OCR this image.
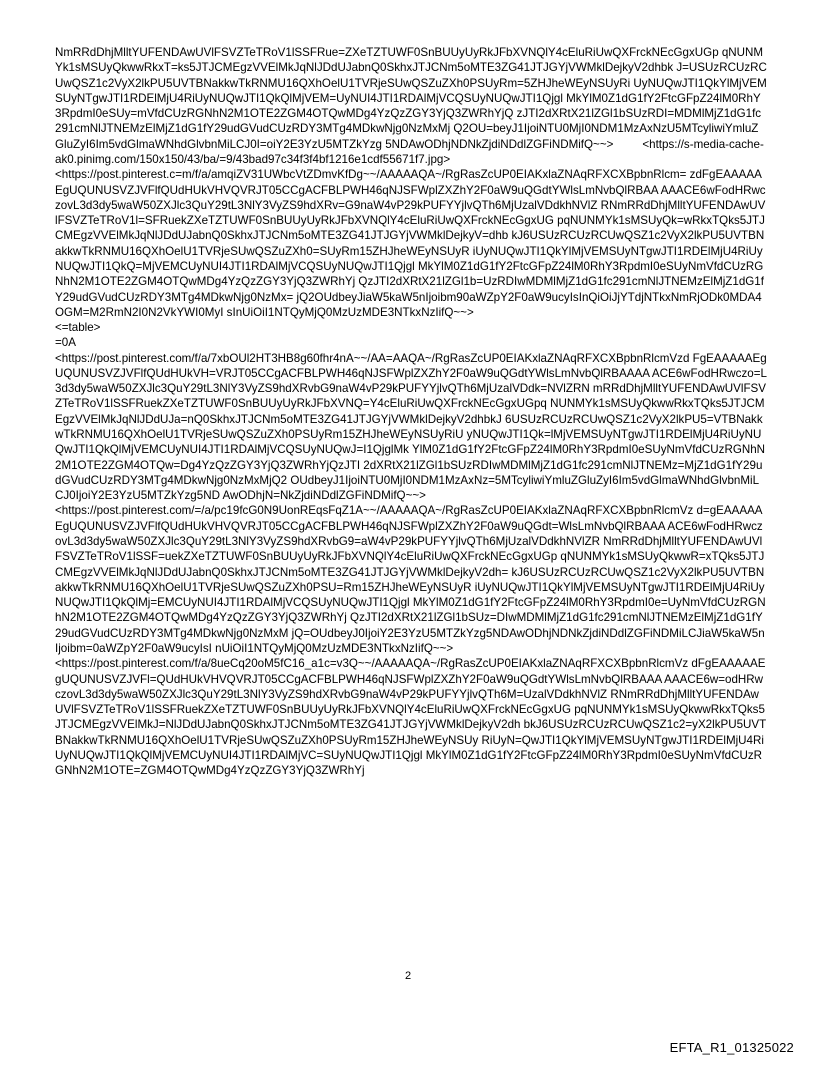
NmRRdDhjMlltYUFENDAwUVlFSVZTeTRoV1lSSFRue=ZXeTZTUWF0SnBUUyUyRkJFbXVNQlY4cEluRiUwQXFrckNEcGgxUGp qNUNMYk1sMSUyQkwwRkxT=ks5JTJCMEgzVVElMkJqNlJDdUJabnQ0SkhxJTJCNm5oMTE3ZG41JTJGYjVWMklDejkyV2dhbk J=USUzRCUzRCUwQSZ1c2VyX2lkPU5UVTBNakkwTkRNMU16QXhOelU1TVRjeSUwQSZuZXh0PSUyRm=5ZHJheWEyNSUyRi UyNUQwJTI1QkYlMjVEMSUyNTgwJTI1RDElMjU4RiUyNUQwJTI1QkQlMjVEM=UyNUI4JTI1RDAlMjVCQSUyNUQwJTI1Qjgl MkYlM0Z1dG1fY2FtcGFpZ24lM0RhY3RpdmI0eSUy=mVfdCUzRGNhN2M1OTE2ZGM4OTQwMDg4YzQzZGY3YjQ3ZWRhYjQ zJTI2dXRtX21lZGl1bSUzRDI=MDMlMjZ1dG1fc291cmNlJTNEMzElMjZ1dG1fY29udGVudCUzRDY3MTg4MDkwNjg0NzMxMj Q2OU=beyJ1IjoiNTU0MjI0NDM1MzAxNzU5MTcyliwiYmluZGluZyI6Im5vdGlmaWNhdGlvbnMiLCJ0I=oiY2E3YzU5MTZkYzg 5NDAwODhjNDNkZjdiNDdlZGFiNDMifQ~~>         <https://s-media-cache-ak0.pinimg.com/150x150/43/ba/=9/43bad97c34f3f4bf1216e1cdf55671f7.jpg>

<https://post.pinterest.c=m/f/a/amqiZV31UWbcVtZDmvKfDg~~/AAAAAQA~/RgRasZcUP0EIAKxlaZNAqRFXCXBpbnRlcm= zdFgEAAAAAEgUQUNUSVZJVFlfQUdHUkVHVQVRJT05CCgACFBLPWH46qNJSFWplZXZhY2F0aW9uQGdtYWlsLmNvbQlRBAA AAACE6wFodHRwczovL3d3dy5waW50ZXJlc3QuY29tL3NlY3VyZS9hdXRv=G9naW4vP29kPUFYYjlvQTh6MjUzalVDdkhNVlZ RNmRRdDhjMlltYUFENDAwUVlFSVZTeTRoV1l=SFRuekZXeTZTUWF0SnBUUyUyRkJFbXVNQlY4cEluRiUwQXFrckNEcGgxUG pqNUNMYk1sMSUyQk=wRkxTQks5JTJCMEgzVVElMkJqNlJDdUJabnQ0SkhxJTJCNm5oMTE3ZG41JTJGYjVWMklDejkyV=dhb kJ6USUzRCUzRCUwQSZ1c2VyX2lkPU5UVTBNakkwTkRNMU16QXhOelU1TVRjeSUwQSZuZXh0=SUyRm15ZHJheWEyNSUyR iUyNUQwJTI1QkYlMjVEMSUyNTgwJTI1RDElMjU4RiUyNUQwJTI1QkQ=MjVEMCUyNUI4JTI1RDAlMjVCQSUyNUQwJTI1Qjgl MkYlM0Z1dG1fY2FtcGFpZ24lM0RhY3RpdmI0eSUyNmVfdCUzRGNhN2M1OTE2ZGM4OTQwMDg4YzQzZGY3YjQ3ZWRhYj QzJTI2dXRtX21lZGl1b=UzRDIwMDMlMjZ1dG1fc291cmNlJTNEMzElMjZ1dG1fY29udGVudCUzRDY3MTg4MDkwNjg0NzMx= jQ2OUdbeyJiaW5kaW5nIjoibm90aWZpY2F0aW9ucyIsInQiOiJjYTdjNTkxNmRjODk0MDA4OGM=M2RmN2I0N2VkYWI0MyI sInUiOiI1NTQyMjQ0MzUzMDE3NTkxNzIifQ~~>

<=table>

=0A

<https://post.pinterest.com/f/a/7xbOUl2HT3HB8g60fhr4nA~~/AA=AAQA~/RgRasZcUP0EIAKxlaZNAqRFXCXBpbnRlcmVzd FgEAAAAAEgUQUNUSVZJVFlfQUdHUkVH=VRJT05CCgACFBLPWH46qNJSFWplZXZhY2F0aW9uQGdtYWlsLmNvbQlRBAAAA ACE6wFodHRwczo=L3d3dy5waW50ZXJlc3QuY29tL3NlY3VyZS9hdXRvbG9naW4vP29kPUFYYjlvQTh6MjUzalVDdk=NVlZRN mRRdDhjMlltYUFENDAwUVlFSVZTeTRoV1lSSFRuekZXeTZTUWF0SnBUUyUyRkJFbXVNQ=Y4cEluRiUwQXFrckNEcGgxUGpq NUNMYk1sMSUyQkwwRkxTQks5JTJCMEgzVVElMkJqNlJDdUJa=nQ0SkhxJTJCNm5oMTE3ZG41JTJGYjVWMklDejkyV2dhbkJ 6USUzRCUzRCUwQSZ1c2VyX2lkPU5=VTBNakkwTkRNMU16QXhOelU1TVRjeSUwQSZuZXh0PSUyRm15ZHJheWEyNSUyRiU yNUQwJTI1Qk=lMjVEMSUyNTgwJTI1RDElMjU4RiUyNUQwJTI1QkQlMjVEMCUyNUI4JTI1RDAlMjVCQSUyNUQwJ=I1QjglMk YlM0Z1dG1fY2FtcGFpZ24lM0RhY3RpdmI0eSUyNmVfdCUzRGNhN2M1OTE2ZGM4OTQw=Dg4YzQzZGY3YjQ3ZWRhYjQzJTI 2dXRtX21lZGl1bSUzRDIwMDMlMjZ1dG1fc291cmNlJTNEMz=MjZ1dG1fY29udGVudCUzRDY3MTg4MDkwNjg0NzMxMjQ2 OUdbeyJ1IjoiNTU0MjI0NDM1MzAxNz=5MTcyliwiYmluZGluZyI6Im5vdGlmaWNhdGlvbnMiLCJ0IjoiY2E3YzU5MTZkYzg5ND AwODhjN=NkZjdiNDdlZGFiNDMifQ~~>

<https://post.pinterest.com/=/a/pc19fcG0N9UonREqsFqZ1A~~/AAAAAQA~/RgRasZcUP0EIAKxlaZNAqRFXCXBpbnRlcmVz d=gEAAAAAEgUQUNUSVZJVFlfQUdHUkVHVQVRJT05CCgACFBLPWH46qNJSFWplZXZhY2F0aW9uQGdt=WlsLmNvbQlRBAAA ACE6wFodHRwczovL3d3dy5waW50ZXJlc3QuY29tL3NlY3VyZS9hdXRvbG9=aW4vP29kPUFYYjlvQTh6MjUzalVDdkhNVlZR NmRRdDhjMlltYUFENDAwUVlFSVZTeTRoV1lSSF=uekZXeTZTUWF0SnBUUyUyRkJFbXVNQlY4cEluRiUwQXFrckNEcGgxUGp qNUNMYk1sMSUyQkwwR=xTQks5JTJCMEgzVVElMkJqNlJDdUJabnQ0SkhxJTJCNm5oMTE3ZG41JTJGYjVWMklDejkyV2dh= kJ6USUzRCUzRCUwQSZ1c2VyX2lkPU5UVTBNakkwTkRNMU16QXhOelU1TVRjeSUwQSZuZXh0PSU=Rm15ZHJheWEyNSUyR iUyNUQwJTI1QkYlMjVEMSUyNTgwJTI1RDElMjU4RiUyNUQwJTI1QkQlMj=EMCUyNUI4JTI1RDAlMjVCQSUyNUQwJTI1Qjgl MkYlM0Z1dG1fY2FtcGFpZ24lM0RhY3RpdmI0e=UyNmVfdCUzRGNhN2M1OTE2ZGM4OTQwMDg4YzQzZGY3YjQ3ZWRhYj QzJTI2dXRtX21lZGl1bSUz=DIwMDMlMjZ1dG1fc291cmNlJTNEMzElMjZ1dG1fY29udGVudCUzRDY3MTg4MDkwNjg0NzMxM jQ=OUdbeyJ0IjoiY2E3YzU5MTZkYzg5NDAwODhjNDNkZjdiNDdlZGFiNDMiLCJiaW5kaW5nIjoibm=0aWZpY2F0aW9ucyIsI nUiOiI1NTQyMjQ0MzUzMDE3NTkxNzIifQ~~>

<https://post.pinterest.com/f/a/8ueCq20oM5fC16_a1c=v3Q~~/AAAAAQA~/RgRasZcUP0EIAKxlaZNAqRFXCXBpbnRlcmVz dFgEAAAAAEgUQUNUSVZJVFl=QUdHUkVHVQVRJT05CCgACFBLPWH46qNJSFWplZXZhY2F0aW9uQGdtYWlsLmNvbQlRBAAA AAACE6w=odHRwczovL3d3dy5waW50ZXJlc3QuY29tL3NlY3VyZS9hdXRvbG9naW4vP29kPUFYYjlvQTh6M=UzalVDdkhNVlZ RNmRRdDhjMlltYUFENDAwUVlFSVZTeTRoV1lSSFRuekZXeTZTUWF0SnBUUyUyRkJFbXVNQlY4cEluRiUwQXFrckNEcGgxUG pqNUNMYk1sMSUyQkwwRkxTQks5JTJCMEgzVVElMkJ=NlJDdUJabnQ0SkhxJTJCNm5oMTE3ZG41JTJGYjVWMklDejkyV2dh bkJ6USUzRCUzRCUwQSZ1c2=yX2lkPU5UVTBNakkwTkRNMU16QXhOelU1TVRjeSUwQSZuZXh0PSUyRm15ZHJheWEyNSUy RiUyN=QwJTI1QkYlMjVEMSUyNTgwJTI1RDElMjU4RiUyNUQwJTI1QkQlMjVEMCUyNUI4JTI1RDAlMjVC=SUyNUQwJTI1Qjgl MkYlM0Z1dG1fY2FtcGFpZ24lM0RhY3RpdmI0eSUyNmVfdCUzRGNhN2M1OTE=ZGM4OTQwMDg4YzQzZGY3YjQ3ZWRhYj

2
EFTA_R1_01325022
